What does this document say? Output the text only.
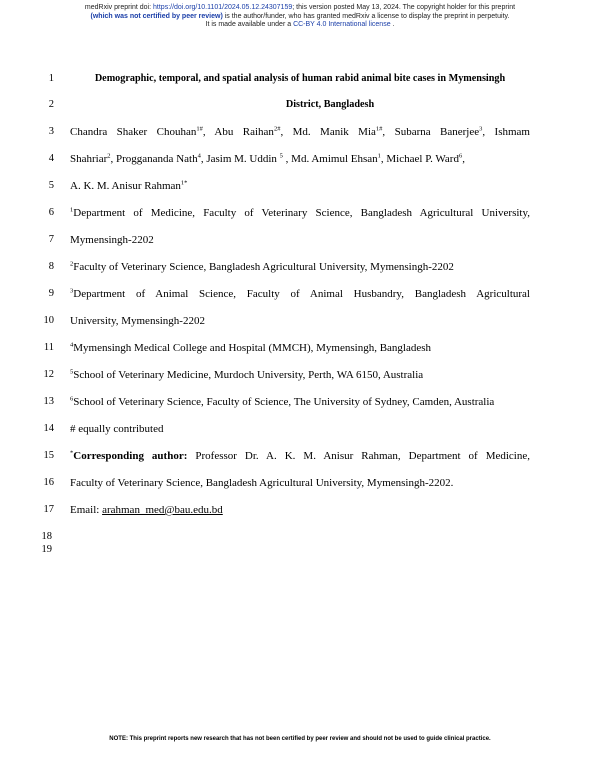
medRxiv preprint doi: https://doi.org/10.1101/2024.05.12.24307159; this version posted May 13, 2024. The copyright holder for this preprint
(which was not certified by peer review) is the author/funder, who has granted medRxiv a license to display the preprint in perpetuity.
It is made available under a CC-BY 4.0 International license .
1	Demographic, temporal, and spatial analysis of human rabid animal bite cases in Mymensingh
2	District, Bangladesh
3 Chandra Shaker Chouhan$^{1\#}$, Abu Raihan$^{2\#}$, Md. Manik Mia$^{1\#}$, Subarna Banerjee$^3$, Ishmam
4 Shahriar$^2$, Proggananda Nath$^4$, Jasim M. Uddin $^5$ , Md. Amimul Ehsan$^1$, Michael P. Ward$^6$,
5 A. K. M. Anisur Rahman$^{1*}$
6 $^1$Department of Medicine, Faculty of Veterinary Science, Bangladesh Agricultural University,
7 Mymensingh-2202
8 $^2$Faculty of Veterinary Science, Bangladesh Agricultural University, Mymensingh-2202
9 $^3$Department of Animal Science, Faculty of Animal Husbandry, Bangladesh Agricultural
10 University, Mymensingh-2202
11 $^4$Mymensingh Medical College and Hospital (MMCH), Mymensingh, Bangladesh
12 $^5$School of Veterinary Medicine, Murdoch University, Perth, WA 6150, Australia
13 $^6$School of Veterinary Science, Faculty of Science, The University of Sydney, Camden, Australia
14 # equally contributed
15 *Corresponding author: Professor Dr. A. K. M. Anisur Rahman, Department of Medicine,
16 Faculty of Veterinary Science, Bangladesh Agricultural University, Mymensingh-2202.
17 Email: arahman_med@bau.edu.bd
18
19
NOTE: This preprint reports new research that has not been certified by peer review and should not be used to guide clinical practice.
